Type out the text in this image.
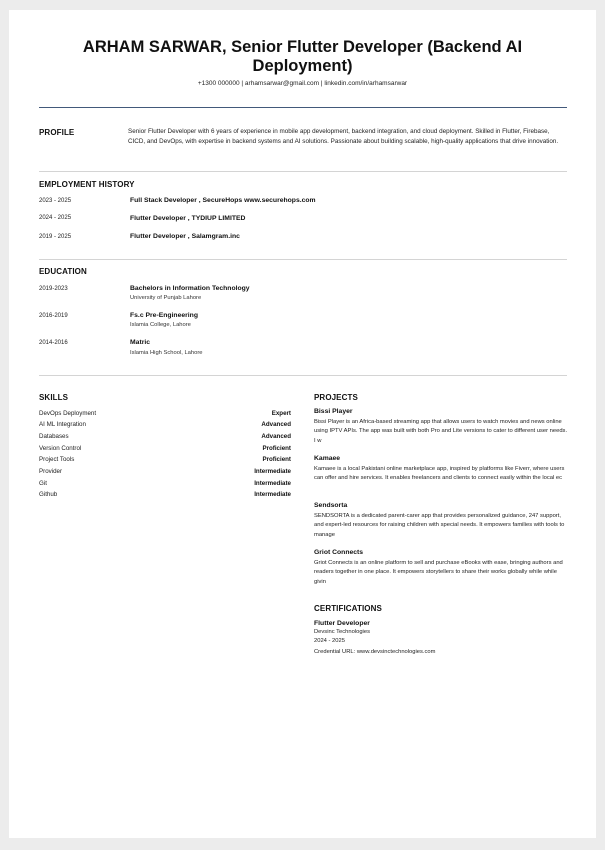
ARHAM SARWAR, Senior Flutter Developer (Backend AI Deployment)
+1300 000000 | arhamsarwar@gmail.com | linkedin.com/in/arhamsarwar
PROFILE	Senior Flutter Developer with 6 years of experience in mobile app development, backend integration, and cloud deployment. Skilled in Flutter, Firebase, CICD, and DevOps, with expertise in backend systems and AI solutions. Passionate about building scalable, high-quality applications that drive innovation.
EMPLOYMENT HISTORY
2023 - 2025	Full Stack Developer , SecureHops www.securehops.com
2024 - 2025	Flutter Developer , TYDIUP LIMITED
2019 - 2025	Flutter Developer , Salamgram.inc
EDUCATION
2019-2023	Bachelors in Information Technology
University of Punjab Lahore
2016-2019	Fs.c Pre-Engineering
Islamia College, Lahore
2014-2016	Matric
Islamia High School, Lahore
SKILLS
DevOps Deployment	Expert
AI ML Integration	Advanced
Databases	Advanced
Version Control	Proficient
Project Tools	Proficient
Provider	Intermediate
Git	Intermediate
Github	Intermediate
PROJECTS
Bissi Player
Bissi Player is an Africa-based streaming app that allows users to watch movies and news online using IPTV APIs. The app was built with both Pro and Lite versions to cater to different user needs. I w
Kamaee
Kamaee is a local Pakistani online marketplace app, inspired by platforms like Fiverr, where users can offer and hire services. It enables freelancers and clients to connect easily within the local ec
Sendsorta
SENDSORTA is a dedicated parent-carer app that provides personalized guidance, 247 support, and expert-led resources for raising children with special needs. It empowers families with tools to manage
Griot Connects
Griot Connects is an online platform to sell and purchase eBooks with ease, bringing authors and readers together in one place. It empowers storytellers to share their works globally while while givin
CERTIFICATIONS
Flutter Developer
Devsinc Technologies
2024 - 2025
Credential URL: www.devsinctechnologies.com
